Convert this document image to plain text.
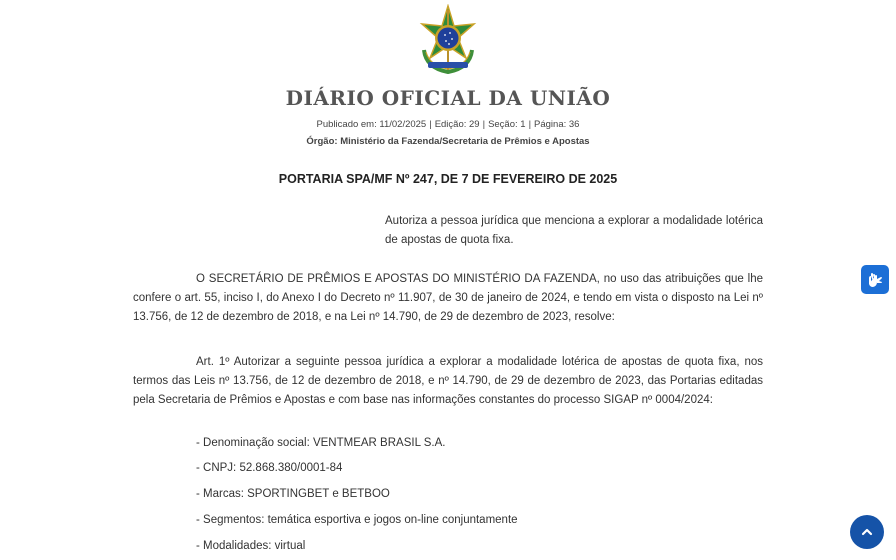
DIÁRIO OFICIAL DA UNIÃO
Publicado em: 11/02/2025 | Edição: 29 | Seção: 1 | Página: 36
Órgão: Ministério da Fazenda/Secretaria de Prêmios e Apostas
PORTARIA SPA/MF Nº 247, DE 7 DE FEVEREIRO DE 2025
Autoriza a pessoa jurídica que menciona a explorar a modalidade lotérica de apostas de quota fixa.
O SECRETÁRIO DE PRÊMIOS E APOSTAS DO MINISTÉRIO DA FAZENDA, no uso das atribuições que lhe confere o art. 55, inciso I, do Anexo I do Decreto nº 11.907, de 30 de janeiro de 2024, e tendo em vista o disposto na Lei nº 13.756, de 12 de dezembro de 2018, e na Lei nº 14.790, de 29 de dezembro de 2023, resolve:
Art. 1º Autorizar a seguinte pessoa jurídica a explorar a modalidade lotérica de apostas de quota fixa, nos termos das Leis nº 13.756, de 12 de dezembro de 2018, e nº 14.790, de 29 de dezembro de 2023, das Portarias editadas pela Secretaria de Prêmios e Apostas e com base nas informações constantes do processo SIGAP nº 0004/2024:
- Denominação social: VENTMEAR BRASIL S.A.
- CNPJ: 52.868.380/0001-84
- Marcas: SPORTINGBET e BETBOO
- Segmentos: temática esportiva e jogos on-line conjuntamente
- Modalidades: virtual
